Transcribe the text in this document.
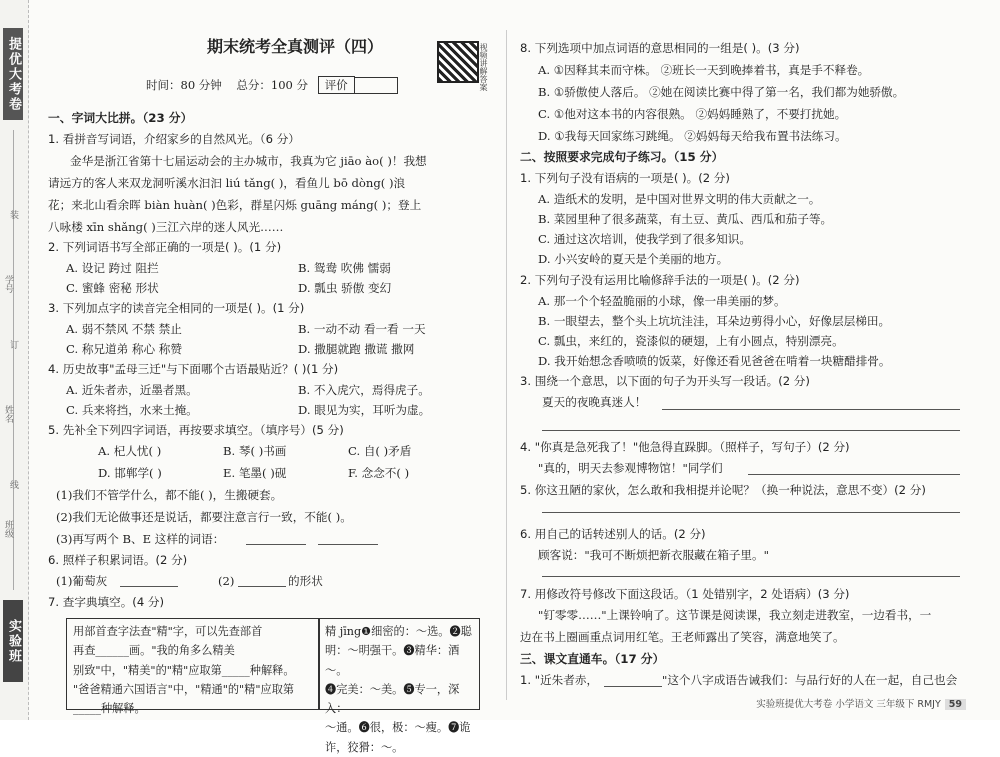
提优大考卷
装
订
线
学号
姓名
班级
实验班
期末统考全真测评（四）	视频讲解答案
时间：80 分钟 总分：100 分 评价
一、字词大比拼。（23 分）
1. 看拼音写词语，介绍家乡的自然风光。（6 分）
金华是浙江省第十七届运动会的主办城市，我真为它 jiāo ào( )！我想
请远方的客人来双龙洞听溪水汩汩 liú tǎng( )，看鱼儿 bō dòng( )浪
花；来北山看余晖 biàn huàn( )色彩，群星闪烁 guāng máng( )；登上
八咏楼 xīn shǎng( )三江六岸的迷人风光……
2. 下列词语书写全部正确的一项是( )。(1 分)
A. 设记 跨过 阻拦	B. 鸳鸯 吹佛 懦弱
C. 蜜蜂 密秘 形状	D. 瓢虫 骄傲 变幻
3. 下列加点字的读音完全相同的一项是( )。(1 分)
A. 弱不禁风 不禁 禁止	B. 一动不动 看一看 一天
C. 称兄道弟 称心 称赞	D. 撒腿就跑 撒谎 撒网
4. 历史故事"孟母三迁"与下面哪个古语最贴近？( )(1 分)
A. 近朱者赤，近墨者黑。	B. 不入虎穴，焉得虎子。
C. 兵来将挡，水来土掩。	D. 眼见为实，耳听为虚。
5. 先补全下列四字词语，再按要求填空。（填序号）(5 分)
A. 杞人忧( )	B. 琴( )书画	C. 自( )矛盾
D. 邯郸学( )	E. 笔墨( )砚	F. 念念不( )
(1)我们不管学什么，都不能( )，生搬硬套。
(2)我们无论做事还是说话，都要注意言行一致，不能( )。
(3)再写两个 B、E 这样的词语：
6. 照样子积累词语。(2 分)
(1)葡萄灰	(2)	的形状
7. 查字典填空。(4 分)
用部首查字法查"精"字，可以先查部首
再查______画。"我的角多么精美
别致"中，"精美"的"精"应取第_____种解释。
"爸爸精通六国语言"中，"精通"的"精"应取第
_____种解释。
精 jīng❶细密的：～选。❷聪
明：～明强干。❸精华：酒～。
❹完美：～美。❺专一，深入：
～通。❻很，极：～瘦。❼诡
诈，狡猾：～。
8. 下列选项中加点词语的意思相同的一组是( )。(3 分)
A. ①因释其耒而守株。 ②班长一天到晚捧着书，真是手不释卷。
B. ①骄傲使人落后。 ②她在阅读比赛中得了第一名，我们都为她骄傲。
C. ①他对这本书的内容很熟。 ②妈妈睡熟了，不要打扰她。
D. ①我每天回家练习跳绳。 ②妈妈每天给我布置书法练习。
二、按照要求完成句子练习。（15 分）
1. 下列句子没有语病的一项是( )。(2 分)
A. 造纸术的发明，是中国对世界文明的伟大贡献之一。
B. 菜园里种了很多蔬菜，有土豆、黄瓜、西瓜和茄子等。
C. 通过这次培训，使我学到了很多知识。
D. 小兴安岭的夏天是个美丽的地方。
2. 下列句子没有运用比喻修辞手法的一项是( )。(2 分)
A. 那一个个轻盈脆丽的小球，像一串美丽的梦。
B. 一眼望去，整个头上坑坑洼洼，耳朵边剪得小心，好像层层梯田。
C. 瓢虫，来红的，瓷漆似的硬翅，上有小圆点，特别漂亮。
D. 我开始想念香喷喷的饭菜，好像还看见爸爸在啃着一块糖醋排骨。
3. 围绕一个意思，以下面的句子为开头写一段话。(2 分)
夏天的夜晚真迷人！
4. "你真是急死我了！"他急得直跺脚。（照样子，写句子）(2 分)
"真的，明天去参观博物馆！"同学们
5. 你这丑陋的家伙，怎么敢和我相提并论呢？（换一种说法，意思不变）(2 分)
6. 用自己的话转述别人的话。(2 分)
顾客说："我可不断烦把新衣服藏在箱子里。"
7. 用修改符号修改下面这段话。（1 处错别字，2 处语病）(3 分)
"钉零零……"上课铃响了。这节课是阅读课，我立刻走进教室，一边看书，一
边在书上圈画重点词用红笔。王老师露出了笑容，满意地笑了。
三、课文直通车。（17 分）
1. "近朱者赤，	"这个八字成语告诫我们：与品行好的人在一起，自己也会
实验班提优大考卷 小学语文 三年级下 RMJY 59
